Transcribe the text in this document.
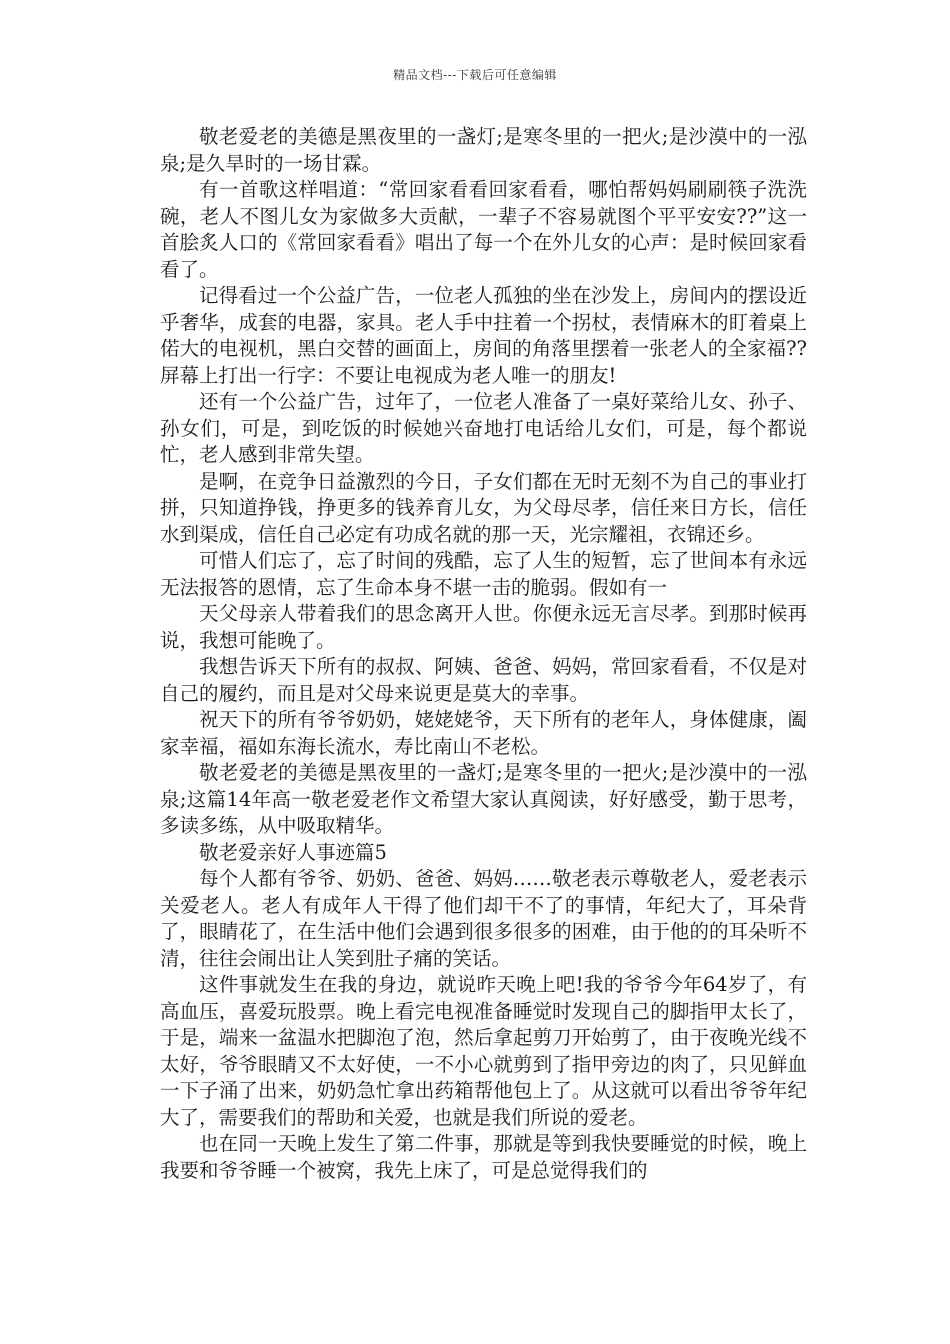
精品文档---下载后可任意编辑

敬老爱老的美德是黑夜里的一盏灯;是寒冬里的一把火;是沙漠中的一泓泉;是久旱时的一场甘霖。

有一首歌这样唱道：“常回家看看回家看看，哪怕帮妈妈刷刷筷子洗洗碗，老人不图儿女为家做多大贡献，一辈子不容易就图个平平安安??”这一首脍炙人口的《常回家看看》唱出了每一个在外儿女的心声：是时候回家看看了。

记得看过一个公益广告，一位老人孤独的坐在沙发上，房间内的摆设近乎奢华，成套的电器，家具。老人手中拄着一个拐杖，表情麻木的盯着桌上偌大的电视机，黑白交替的画面上，房间的角落里摆着一张老人的全家福??屏幕上打出一行字：不要让电视成为老人唯一的朋友!

还有一个公益广告，过年了，一位老人准备了一桌好菜给儿女、孙子、孙女们，可是，到吃饭的时候她兴奋地打电话给儿女们，可是，每个都说忙，老人感到非常失望。

是啊，在竞争日益激烈的今日，子女们都在无时无刻不为自己的事业打拼，只知道挣钱，挣更多的钱养育儿女，为父母尽孝，信任来日方长，信任水到渠成，信任自己必定有功成名就的那一天，光宗耀祖，衣锦还乡。

可惜人们忘了，忘了时间的残酷，忘了人生的短暂，忘了世间本有永远无法报答的恩情，忘了生命本身不堪一击的脆弱。假如有一

天父母亲人带着我们的思念离开人世。你便永远无言尽孝。到那时候再说，我想可能晚了。

我想告诉天下所有的叔叔、阿姨、爸爸、妈妈，常回家看看，不仅是对自己的履约，而且是对父母来说更是莫大的幸事。

祝天下的所有爷爷奶奶，姥姥姥爷，天下所有的老年人，身体健康，阖家幸福，福如东海长流水，寿比南山不老松。

敬老爱老的美德是黑夜里的一盏灯;是寒冬里的一把火;是沙漠中的一泓泉;这篇14年高一敬老爱老作文希望大家认真阅读，好好感受，勤于思考，多读多练，从中吸取精华。

敬老爱亲好人事迹篇5

每个人都有爷爷、奶奶、爸爸、妈妈……敬老表示尊敬老人，爱老表示关爱老人。老人有成年人干得了他们却干不了的事情，年纪大了，耳朵背了，眼睛花了，在生活中他们会遇到很多很多的困难，由于他的的耳朵听不清，往往会闹出让人笑到肚子痛的笑话。

这件事就发生在我的身边，就说昨天晚上吧!我的爷爷今年64岁了，有高血压，喜爱玩股票。晚上看完电视准备睡觉时发现自己的脚指甲太长了，于是，端来一盆温水把脚泡了泡，然后拿起剪刀开始剪了，由于夜晚光线不太好，爷爷眼睛又不太好使，一不小心就剪到了指甲旁边的肉了，只见鲜血一下子涌了出来，奶奶急忙拿出药箱帮他包上了。从这就可以看出爷爷年纪大了，需要我们的帮助和关爱，也就是我们所说的爱老。

也在同一天晚上发生了第二件事，那就是等到我快要睡觉的时候，晚上我要和爷爷睡一个被窝，我先上床了，可是总觉得我们的
